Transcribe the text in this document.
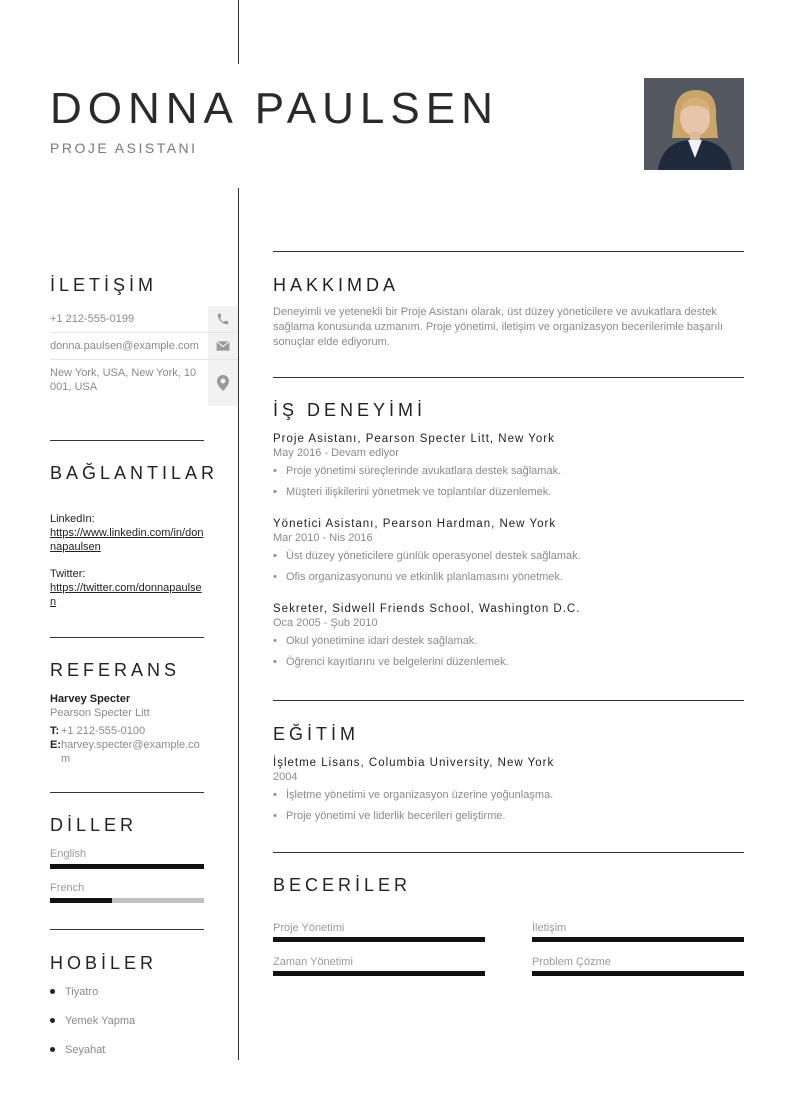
DONNA PAULSEN
PROJE ASISTANI
İLETİŞİM
+1 212-555-0199
donna.paulsen@example.com
New York, USA, New York, 10001, USA
BAĞLANTILAR
LinkedIn:
https://www.linkedin.com/in/donnapaulsen
Twitter:
https://twitter.com/donnapaulsen
REFERANS
Harvey Specter
Pearson Specter Litt
T: +1 212-555-0100
E: harvey.specter@example.com
DİLLER
English
French
HOBİLER
Tiyatro
Yemek Yapma
Seyahat
HAKKIMDA
Deneyimli ve yetenekli bir Proje Asistanı olarak, üst düzey yöneticilere ve avukatlara destek sağlama konusunda uzmanım. Proje yönetimi, iletişim ve organizasyon becerilerimle başarılı sonuçlar elde ediyorum.
İŞ DENEYİMİ
Proje Asistanı, Pearson Specter Litt, New York
May 2016 - Devam ediyor
• Proje yönetimi süreçlerinde avukatlara destek sağlamak.
• Müşteri ilişkilerini yönetmek ve toplantılar düzenlemek.
Yönetici Asistanı, Pearson Hardman, New York
Mar 2010 - Nis 2016
• Üst düzey yöneticilere günlük operasyonel destek sağlamak.
• Ofis organizasyonunu ve etkinlik planlamasını yönetmek.
Sekreter, Sidwell Friends School, Washington D.C.
Oca 2005 - Şub 2010
• Okul yönetimine idari destek sağlamak.
• Öğrenci kayıtlarını ve belgelerini düzenlemek.
EĞİTİM
İşletme Lisans, Columbia University, New York
2004
• İşletme yönetimi ve organizasyon üzerine yoğunlaşma.
• Proje yönetimi ve liderlik becerileri geliştirme.
BECERİLER
Proje Yönetimi	İletişim
Zaman Yönetimi	Problem Çözme
